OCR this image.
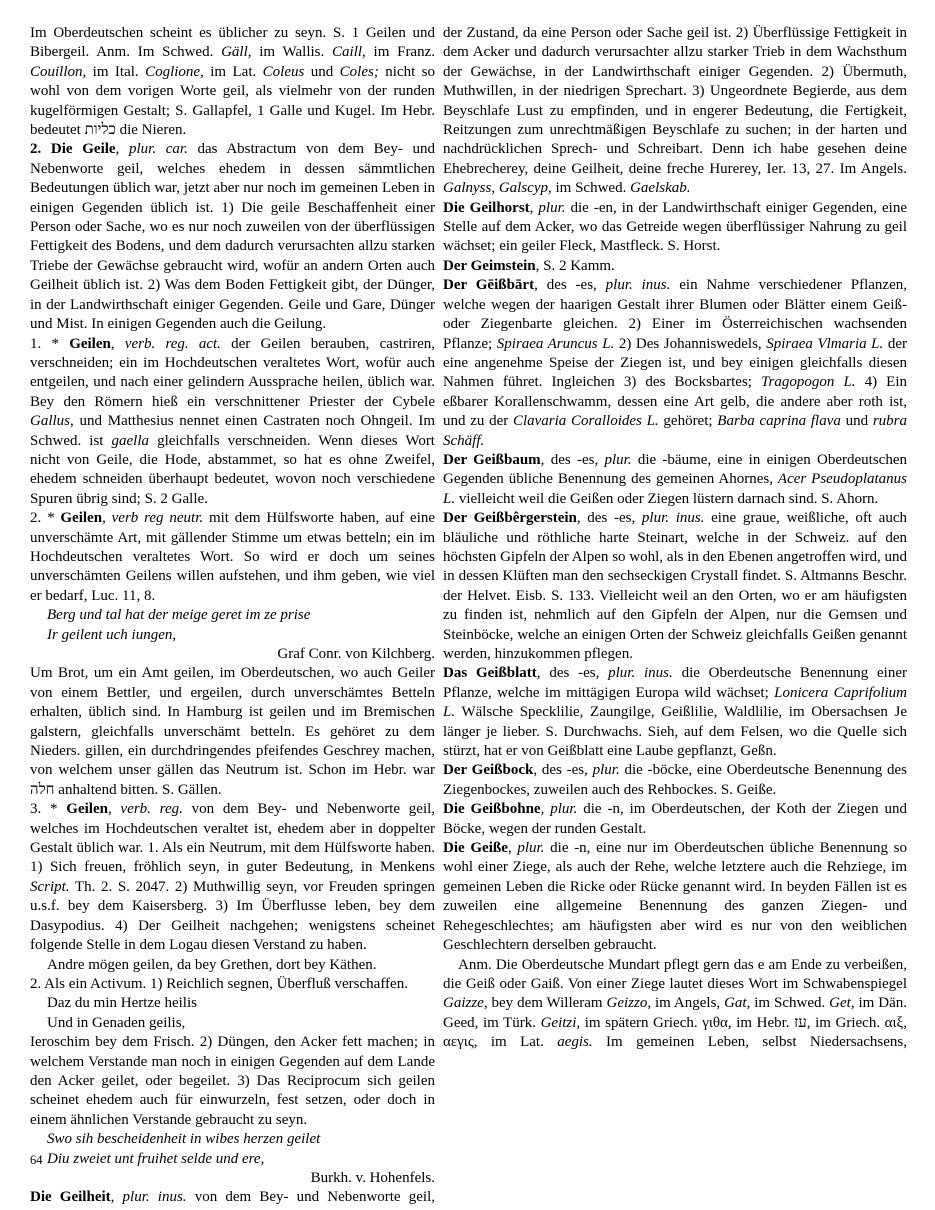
Im Oberdeutschen scheint es üblicher zu seyn. S. 1 Geilen und Bibergeil. Anm. Im Schwed. Gäll, im Wallis. Caill, im Franz. Couillon, im Ital. Coglione, im Lat. Coleus und Coles; nicht so wohl von dem vorigen Worte geil, als vielmehr von der runden kugelförmigen Gestalt; S. Gallapfel, 1 Galle und Kugel. Im Hebr. bedeutet כליות die Nieren.

2. Die Geile, plur. car. das Abstractum von dem Bey- und Nebenworte geil, welches ehedem in dessen sämmtlichen Bedeutungen üblich war, jetzt aber nur noch im gemeinen Leben in einigen Gegenden üblich ist. 1) Die geile Beschaffenheit einer Person oder Sache, wo es nur noch zuweilen von der überflüssigen Fettigkeit des Bodens, und dem dadurch verursachten allzu starken Triebe der Gewächse gebraucht wird, wofür an andern Orten auch Geilheit üblich ist. 2) Was dem Boden Fettigkeit gibt, der Dünger, in der Landwirthschaft einiger Gegenden. Geile und Gare, Dünger und Mist. In einigen Gegenden auch die Geilung.

1. * Geilen, verb. reg. act. der Geilen berauben, castriren, verschneiden; ein im Hochdeutschen veraltetes Wort, wofür auch entgeilen, und nach einer gelindern Aussprache heilen, üblich war. Bey den Römern hieß ein verschnittener Priester der Cybele Gallus, und Matthesius nennet einen Castraten noch Ohngeil. Im Schwed. ist gaella gleichfalls verschneiden. Wenn dieses Wort nicht von Geile, die Hode, abstammet, so hat es ohne Zweifel, ehedem schneiden überhaupt bedeutet, wovon noch verschiedene Spuren übrig sind; S. 2 Galle.

2. * Geilen, verb reg neutr. mit dem Hülfsworte haben, auf eine unverschämte Art, mit gällender Stimme um etwas betteln; ein im Hochdeutschen veraltetes Wort. So wird er doch um seines unverschämten Geilens willen aufstehen, und ihm geben, wie viel er bedarf, Luc. 11, 8.

Berg und tal hat der meige geret im ze prise

Ir geilent uch iungen,

Graf Conr. von Kilchberg.

Um Brot, um ein Amt geilen, im Oberdeutschen, wo auch Geiler von einem Bettler, und ergeilen, durch unverschämtes Betteln erhalten, üblich sind. In Hamburg ist geilen und im Bremischen galstern, gleichfalls unverschämt betteln. Es gehöret zu dem Nieders. gillen, ein durchdringendes pfeifendes Geschrey machen, von welchem unser gällen das Neutrum ist. Schon im Hebr. war חלה anhaltend bitten. S. Gällen.

3. * Geilen, verb. reg. von dem Bey- und Nebenworte geil, welches im Hochdeutschen veraltet ist, ehedem aber in doppelter Gestalt üblich war. 1. Als ein Neutrum, mit dem Hülfsworte haben. 1) Sich freuen, fröhlich seyn, in guter Bedeutung, in Menkens Script. Th. 2. S. 2047. 2) Muthwillig seyn, vor Freuden springen u.s.f. bey dem Kaisersberg. 3) Im Überflusse leben, bey dem Dasypodius. 4) Der Geilheit nachgehen; wenigstens scheinet folgende Stelle in dem Logau diesen Verstand zu haben.

Andre mögen geilen, da bey Grethen, dort bey Käthen.

2. Als ein Activum. 1) Reichlich segnen, Überfluß verschaffen.

Daz du min Hertze heilis

Und in Genaden geilis,

Ieroschim bey dem Frisch. 2) Düngen, den Acker fett machen; in welchem Verstande man noch in einigen Gegenden auf dem Lande den Acker geilet, oder begeilet. 3) Das Reciprocum sich geilen scheinet ehedem auch für einwurzeln, fest setzen, oder doch in einem ähnlichen Verstande gebraucht zu seyn.

Swo sih bescheidenheit in wibes herzen geilet

Diu zweiet unt fruihet selde und ere,

Burkh. v. Hohenfels.

Die Geilheit, plur. inus. von dem Bey- und Nebenworte geil,

der Zustand, da eine Person oder Sache geil ist. 2) Überflüssige Fettigkeit in dem Acker und dadurch verursachter allzu starker Trieb in dem Wachsthum der Gewächse, in der Landwirthschaft einiger Gegenden. 2) Übermuth, Muthwillen, in der niedrigen Sprechart. 3) Ungeordnete Begierde, aus dem Beyschlafe Lust zu empfinden, und in engerer Bedeutung, die Fertigkeit, Reitzungen zum unrechtmäßigen Beyschlafe zu suchen; in der harten und nachdrücklichen Sprech- und Schreibart. Denn ich habe gesehen deine Ehebrecherey, deine Geilheit, deine freche Hurerey, Ier. 13, 27. Im Angels. Galnyss, Galscyp, im Schwed. Gaelskab.

Die Geilhorst, plur. die -en, in der Landwirthschaft einiger Gegenden, eine Stelle auf dem Acker, wo das Getreide wegen überflüssiger Nahrung zu geil wächset; ein geiler Fleck, Mastfleck. S. Horst.

Der Geimstein, S. 2 Kamm.

Der Gēißbārt, des -es, plur. inus. ein Nahme verschiedener Pflanzen, welche wegen der haarigen Gestalt ihrer Blumen oder Blätter einem Geiß- oder Ziegenbarte gleichen. 2) Einer im Österreichischen wachsenden Pflanze; Spiraea Aruncus L. 2) Des Johanniswedels, Spiraea Vlmaria L. der eine angenehme Speise der Ziegen ist, und bey einigen gleichfalls diesen Nahmen führet. Ingleichen 3) des Bocksbartes; Tragopogon L. 4) Ein eßbarer Korallenschwamm, dessen eine Art gelb, die andere aber roth ist, und zu der Clavaria Coralloides L. gehöret; Barba caprina flava und rubra Schäff.

Der Geißbaum, des -es, plur. die -bäume, eine in einigen Oberdeutschen Gegenden übliche Benennung des gemeinen Ahornes, Acer Pseudoplatanus L. vielleicht weil die Geißen oder Ziegen lüstern darnach sind. S. Ahorn.

Der Geißbêrgerstein, des -es, plur. inus. eine graue, weißliche, oft auch bläuliche und röthliche harte Steinart, welche in der Schweiz. auf den höchsten Gipfeln der Alpen so wohl, als in den Ebenen angetroffen wird, und in dessen Klüften man den sechseckigen Crystall findet. S. Altmanns Beschr. der Helvet. Eisb. S. 133. Vielleicht weil an den Orten, wo er am häufigsten zu finden ist, nehmlich auf den Gipfeln der Alpen, nur die Gemsen und Steinböcke, welche an einigen Orten der Schweiz gleichfalls Geißen genannt werden, hinzukommen pflegen.

Das Geißblatt, des -es, plur. inus. die Oberdeutsche Benennung einer Pflanze, welche im mittägigen Europa wild wächset; Lonicera Caprifolium L. Wälsche Specklilie, Zaungilge, Geißlilie, Waldlilie, im Obersachsen Je länger je lieber. S. Durchwachs. Sieh, auf dem Felsen, wo die Quelle sich stürzt, hat er von Geißblatt eine Laube gepflanzt, Geßn.

Der Geißbock, des -es, plur. die -böcke, eine Oberdeutsche Benennung des Ziegenbockes, zuweilen auch des Rehbockes. S. Geiße.

Die Geißbohne, plur. die -n, im Oberdeutschen, der Koth der Ziegen und Böcke, wegen der runden Gestalt.

Die Geiße, plur. die -n, eine nur im Oberdeutschen übliche Benennung so wohl einer Ziege, als auch der Rehe, welche letztere auch die Rehziege, im gemeinen Leben die Ricke oder Rücke genannt wird. In beyden Fällen ist es zuweilen eine allgemeine Benennung des ganzen Ziegen- und Rehegeschlechtes; am häufigsten aber wird es nur von den weiblichen Geschlechtern derselben gebraucht.

Anm. Die Oberdeutsche Mundart pflegt gern das e am Ende zu verbeißen, die Geiß oder Gaiß. Von einer Ziege lautet dieses Wort im Schwabenspiegel Gaizze, bey dem Willeram Geizzo, im Angels, Gat, im Schwed. Get, im Dän. Geed, im Türk. Geitzi, im spätern Griech. γιθα, im Hebr. עז, im Griech. αιξ, αεγις, im Lat. aegis. Im gemeinen Leben, selbst Niedersachsens,

64
